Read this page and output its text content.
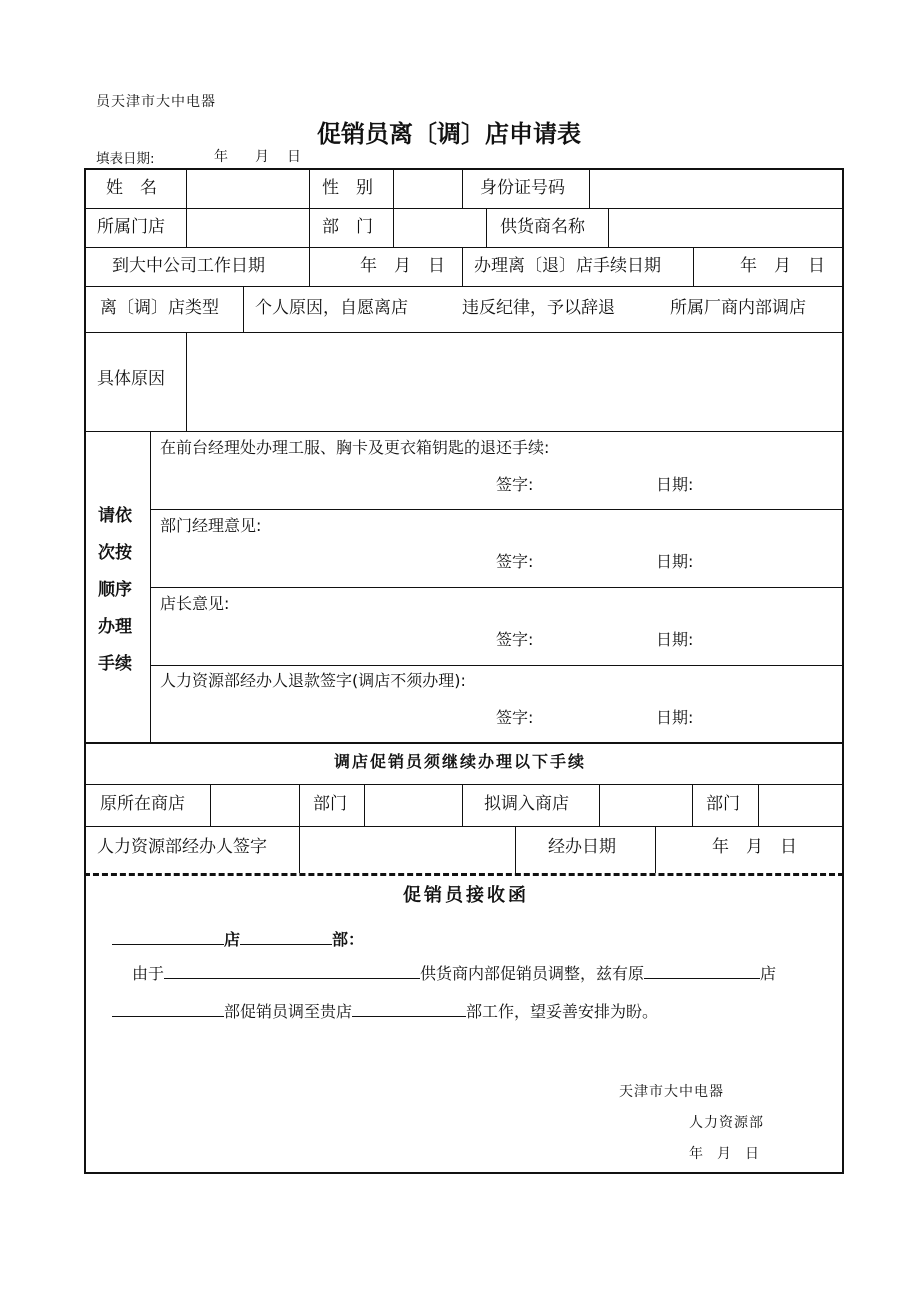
员天津市大中电器
促销员离〔调〕店申请表
填表日期:	年 月 日
姓　名	性　别	身份证号码
所属门店	部　门	供货商名称
到大中公司工作日期	年　月　日 办理离〔退〕店手续日期	年　月　日
离〔调〕店类型 个人原因，自愿离店	违反纪律，予以辞退	所属厂商内部调店
具体原因
请依
次按
顺序
办理
手续
在前台经理处办理工服、胸卡及更衣箱钥匙的退还手续:
签字:	日期:
部门经理意见:
签字:	日期:
店长意见:
签字:	日期:
人力资源部经办人退款签字(调店不须办理):
签字:	日期:
调店促销员须继续办理以下手续
原所在商店	部门	拟调入商店	部门
人力资源部经办人签字	经办日期	年　月　日
促销员接收函
店	部：
由于	供货商内部促销员调整，兹有原	店
部促销员调至贵店	部工作，望妥善安排为盼。
天津市大中电器
人力资源部
年　月　日
